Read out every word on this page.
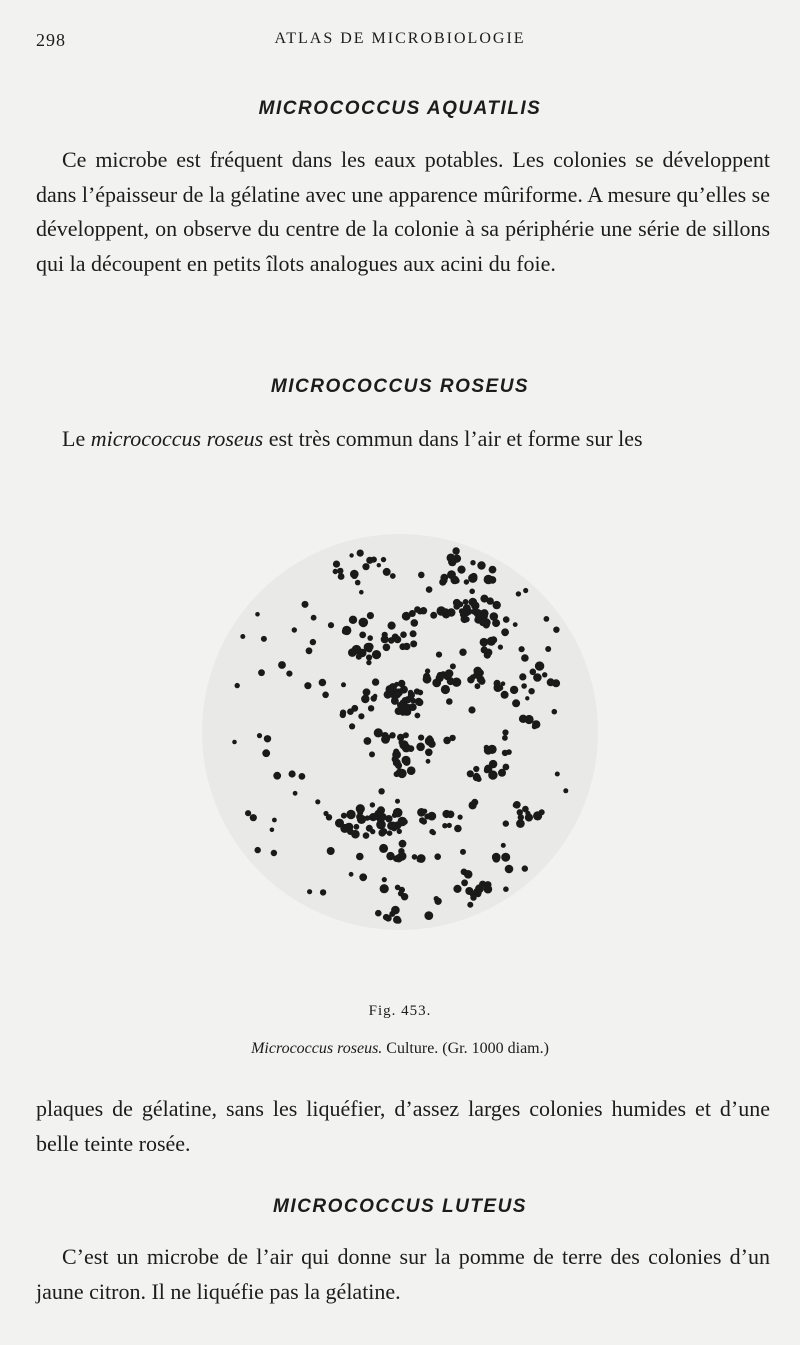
298	ATLAS DE MICROBIOLOGIE
MICROCOCCUS AQUATILIS

Ce microbe est fréquent dans les eaux potables. Les colonies se développent dans l’épaisseur de la gélatine avec une apparence mûriforme. A mesure qu’elles se développent, on observe du centre de la colonie à sa périphérie une série de sillons qui la découpent en petits îlots analogues aux acini du foie.

MICROCOCCUS ROSEUS

Le micrococcus roseus est très commun dans l’air et forme sur les

Fig. 453.
Micrococcus roseus. Culture. (Gr. 1000 diam.)

plaques de gélatine, sans les liquéfier, d’assez larges colonies humides et d’une belle teinte rosée.

MICROCOCCUS LUTEUS

C’est un microbe de l’air qui donne sur la pomme de terre des colonies d’un jaune citron. Il ne liquéfie pas la gélatine.
